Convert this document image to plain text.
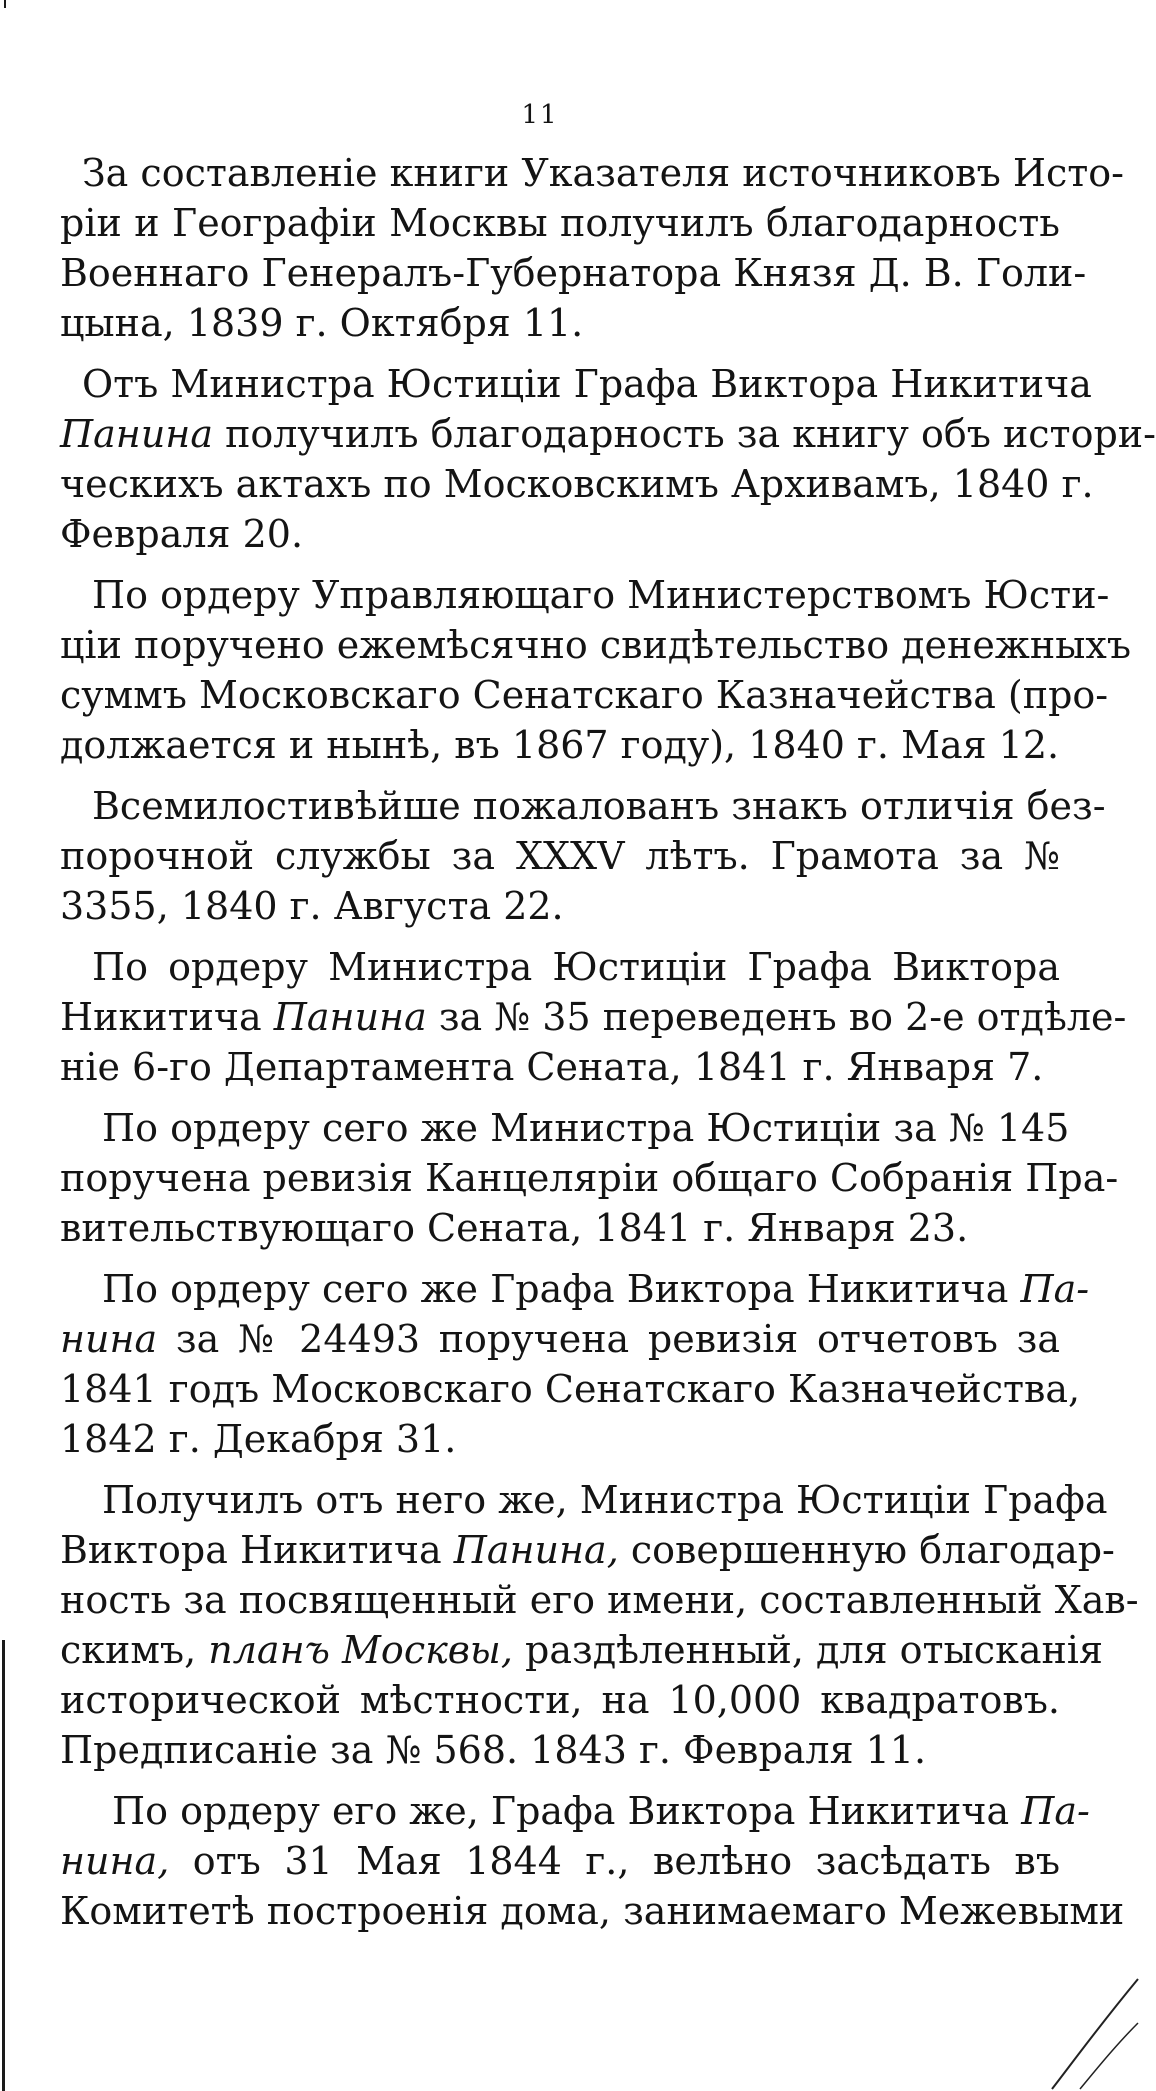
11
За составленіе книги Указателя источниковъ Исто-
ріи и Географіи Москвы получилъ благодарность
Военнаго Генералъ-Губернатора Князя Д. В. Голи-
цына, 1839 г. Октября 11.
Отъ Министра Юстиціи Графа Виктора Никитича
Панина получилъ благодарность за книгу объ истори-
ческихъ актахъ по Московскимъ Архивамъ, 1840 г.
Февраля 20.
По ордеру Управляющаго Министерствомъ Юсти-
ціи поручено ежемѣсячно свидѣтельство денежныхъ
суммъ Московскаго Сенатскаго Казначейства (про-
должается и нынѣ, въ 1867 году), 1840 г. Мая 12.
Всемилостивѣйше пожалованъ знакъ отличія без-
порочной службы за XXXV лѣтъ. Грамота за №
3355, 1840 г. Августа 22.
По ордеру Министра Юстиціи Графа Виктора
Никитича Панина за № 35 переведенъ во 2-е отдѣле-
ніе 6-го Департамента Сената, 1841 г. Января 7.
По ордеру сего же Министра Юстиціи за № 145
поручена ревизія Канцеляріи общаго Собранія Пра-
вительствующаго Сената, 1841 г. Января 23.
По ордеру сего же Графа Виктора Никитича Па-
нина за № 24493 поручена ревизія отчетовъ за
1841 годъ Московскаго Сенатскаго Казначейства,
1842 г. Декабря 31.
Получилъ отъ него же, Министра Юстиціи Графа
Виктора Никитича Панина, совершенную благодар-
ность за посвященный его имени, составленный Хав-
скимъ, планъ Москвы, раздѣленный, для отысканія
исторической мѣстности, на 10,000 квадратовъ.
Предписаніе за № 568. 1843 г. Февраля 11.
По ордеру его же, Графа Виктора Никитича Па-
нина, отъ 31 Мая 1844 г., велѣно засѣдать въ
Комитетѣ построенія дома, занимаемаго Межевыми
